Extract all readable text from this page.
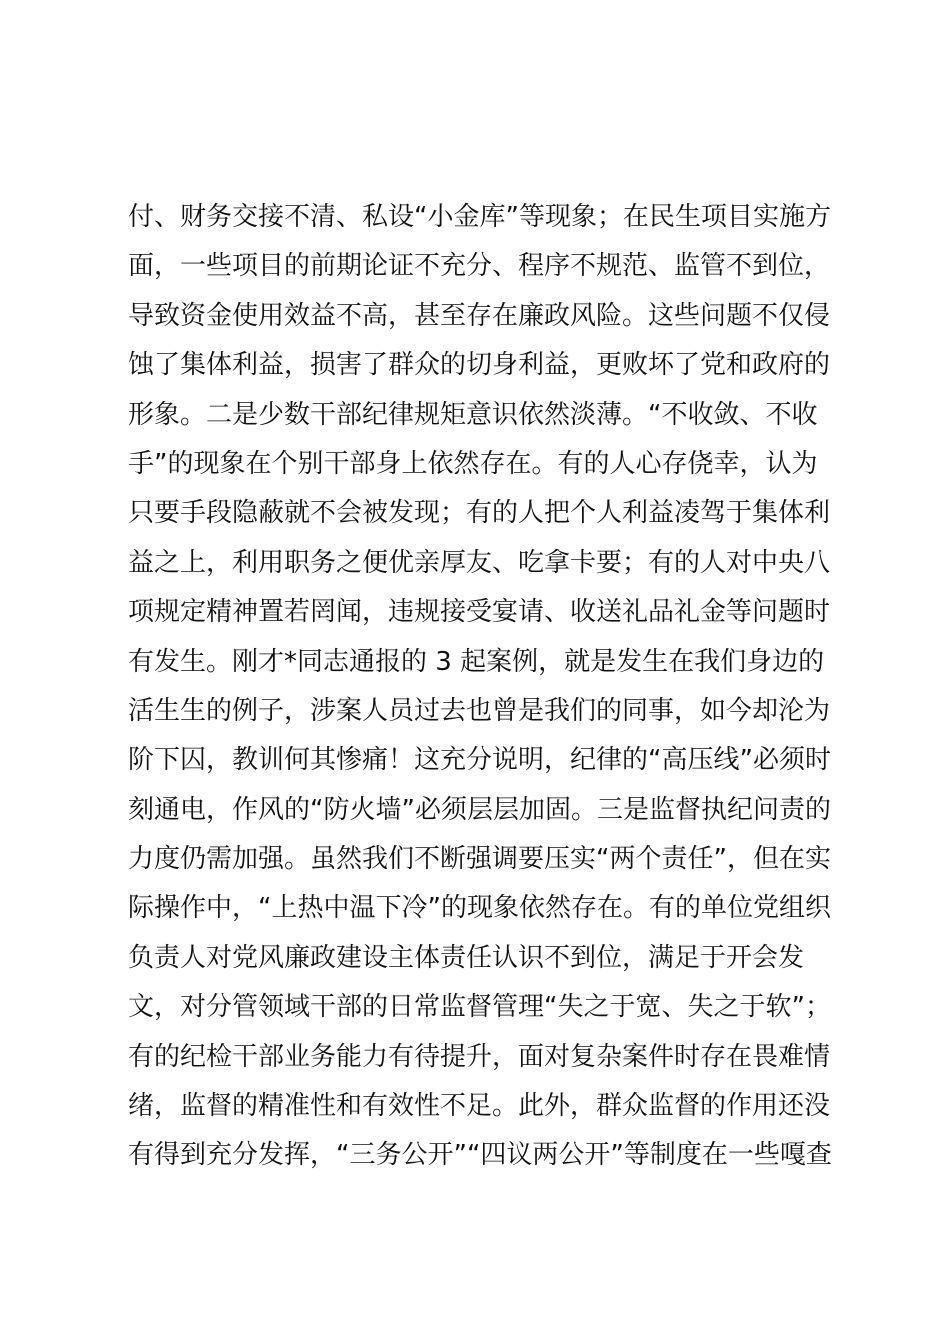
付、财务交接不清、私设“小金库”等现象；在民生项目实施方
面，一些项目的前期论证不充分、程序不规范、监管不到位，
导致资金使用效益不高，甚至存在廉政风险。这些问题不仅侵
蚀了集体利益，损害了群众的切身利益，更败坏了党和政府的
形象。二是少数干部纪律规矩意识依然淡薄。“不收敛、不收
手”的现象在个别干部身上依然存在。有的人心存侥幸，认为
只要手段隐蔽就不会被发现；有的人把个人利益凌驾于集体利
益之上，利用职务之便优亲厚友、吃拿卡要；有的人对中央八
项规定精神置若罔闻，违规接受宴请、收送礼品礼金等问题时
有发生。刚才*同志通报的 3 起案例，就是发生在我们身边的
活生生的例子，涉案人员过去也曾是我们的同事，如今却沦为
阶下囚，教训何其惨痛！这充分说明，纪律的“高压线”必须时
刻通电，作风的“防火墙”必须层层加固。三是监督执纪问责的
力度仍需加强。虽然我们不断强调要压实“两个责任”，但在实
际操作中，“上热中温下冷”的现象依然存在。有的单位党组织
负责人对党风廉政建设主体责任认识不到位，满足于开会发
文，对分管领域干部的日常监督管理“失之于宽、失之于软”；
有的纪检干部业务能力有待提升，面对复杂案件时存在畏难情
绪，监督的精准性和有效性不足。此外，群众监督的作用还没
有得到充分发挥，“三务公开”“四议两公开”等制度在一些嘎查
